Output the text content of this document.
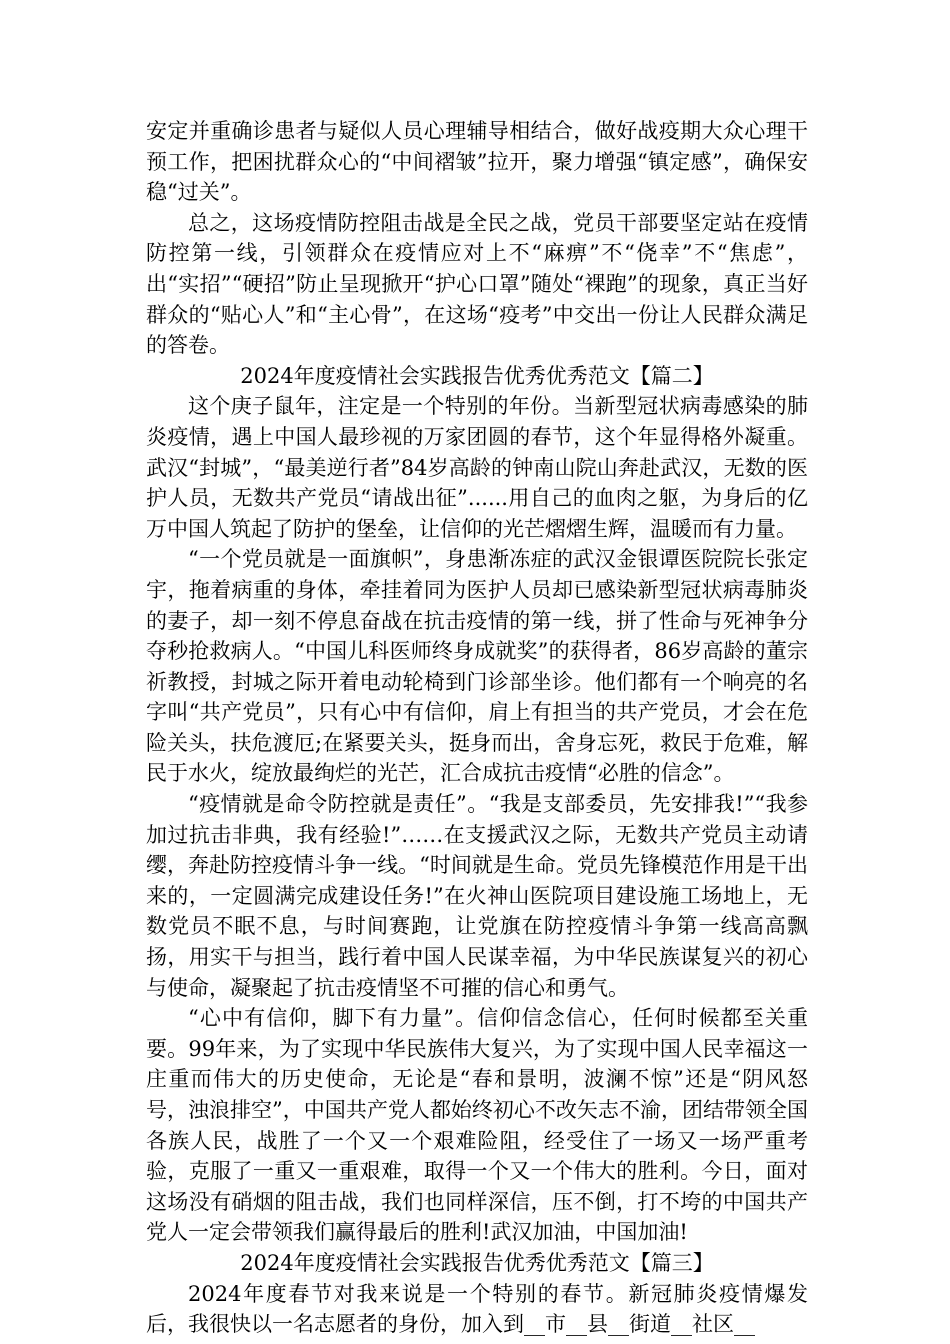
安定并重确诊患者与疑似人员心理辅导相结合，做好战疫期大众心理干预工作，把困扰群众心的“中间褶皱”拉开，聚力增强“镇定感”，确保安稳“过关”。

总之，这场疫情防控阻击战是全民之战，党员干部要坚定站在疫情防控第一线，引领群众在疫情应对上不“麻痹”不“侥幸”不“焦虑”，出“实招”“硬招”防止呈现掀开“护心口罩”随处“裸跑”的现象，真正当好群众的“贴心人”和“主心骨”，在这场“疫考”中交出一份让人民群众满足的答卷。

2024年度疫情社会实践报告优秀优秀范文【篇二】

这个庚子鼠年，注定是一个特别的年份。当新型冠状病毒感染的肺炎疫情，遇上中国人最珍视的万家团圆的春节，这个年显得格外凝重。武汉“封城”，“最美逆行者”84岁高龄的钟南山院山奔赴武汉，无数的医护人员，无数共产党员“请战出征”......用自己的血肉之躯，为身后的亿万中国人筑起了防护的堡垒，让信仰的光芒熠熠生辉，温暖而有力量。

“一个党员就是一面旗帜”，身患渐冻症的武汉金银谭医院院长张定宇，拖着病重的身体，牵挂着同为医护人员却已感染新型冠状病毒肺炎的妻子，却一刻不停息奋战在抗击疫情的第一线，拼了性命与死神争分夺秒抢救病人。“中国儿科医师终身成就奖”的获得者，86岁高龄的董宗祈教授，封城之际开着电动轮椅到门诊部坐诊。他们都有一个响亮的名字叫“共产党员”，只有心中有信仰，肩上有担当的共产党员，才会在危险关头，扶危渡厄;在紧要关头，挺身而出，舍身忘死，救民于危难，解民于水火，绽放最绚烂的光芒，汇合成抗击疫情“必胜的信念”。

“疫情就是命令防控就是责任”。“我是支部委员，先安排我!”“我参加过抗击非典，我有经验!”……在支援武汉之际，无数共产党员主动请缨，奔赴防控疫情斗争一线。“时间就是生命。党员先锋模范作用是干出来的，一定圆满完成建设任务!”在火神山医院项目建设施工场地上，无数党员不眠不息，与时间赛跑，让党旗在防控疫情斗争第一线高高飘扬，用实干与担当，践行着中国人民谋幸福，为中华民族谋复兴的初心与使命，凝聚起了抗击疫情坚不可摧的信心和勇气。

“心中有信仰，脚下有力量”。信仰信念信心，任何时候都至关重要。99年来，为了实现中华民族伟大复兴，为了实现中国人民幸福这一庄重而伟大的历史使命，无论是“春和景明，波澜不惊”还是“阴风怒号，浊浪排空”，中国共产党人都始终初心不改矢志不渝，团结带领全国各族人民，战胜了一个又一个艰难险阻，经受住了一场又一场严重考验，克服了一重又一重艰难，取得一个又一个伟大的胜利。今日，面对这场没有硝烟的阻击战，我们也同样深信，压不倒，打不垮的中国共产党人一定会带领我们赢得最后的胜利!武汉加油，中国加油!

2024年度疫情社会实践报告优秀优秀范文【篇三】

2024年度春节对我来说是一个特别的春节。新冠肺炎疫情爆发后，我很快以一名志愿者的身份，加入到__市__县__街道__社区__
